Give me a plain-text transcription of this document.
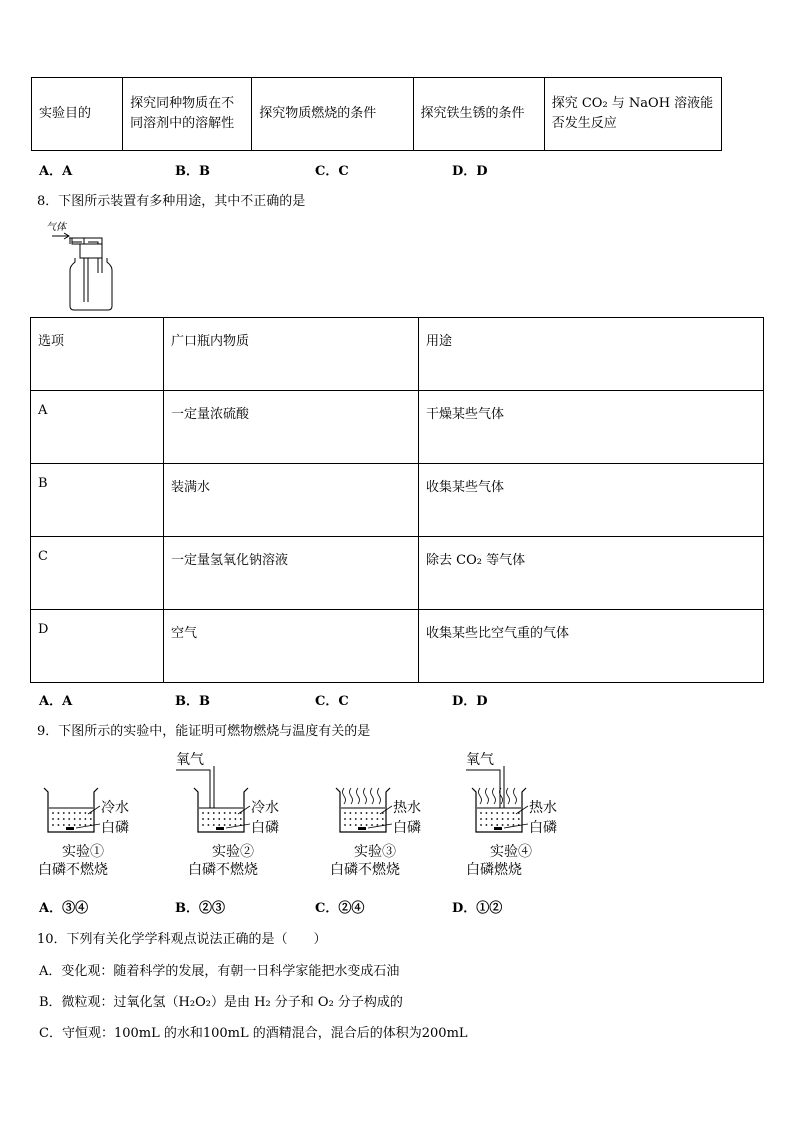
实验目的	探究同种物质在不同溶剂中的溶解性	探究物质燃烧的条件	探究铁生锈的条件	探究 CO₂ 与 NaOH 溶液能否发生反应
A．A	B．B	C．C	D．D
8．下图所示装置有多种用途，其中不正确的是
气体
选项	广口瓶内物质	用途
A	一定量浓硫酸	干燥某些气体
B	装满水	收集某些气体
C	一定量氢氧化钠溶液	除去 CO₂ 等气体
D	空气	收集某些比空气重的气体
A．A	B．B	C．C	D．D
9．下图所示的实验中，能证明可燃物燃烧与温度有关的是
冷水
白磷
实验①
白磷不燃烧
氧气
冷水
白磷
实验②
白磷不燃烧
热水
白磷
实验③
白磷不燃烧
氧气
热水
白磷
实验④
白磷燃烧
A．③④	B．②③	C．②④	D．①②
10．下列有关化学学科观点说法正确的是（　　）
A．变化观：随着科学的发展，有朝一日科学家能把水变成石油
B．微粒观：过氧化氢（H₂O₂）是由 H₂ 分子和 O₂ 分子构成的
C．守恒观：100mL 的水和100mL 的酒精混合，混合后的体积为200mL
